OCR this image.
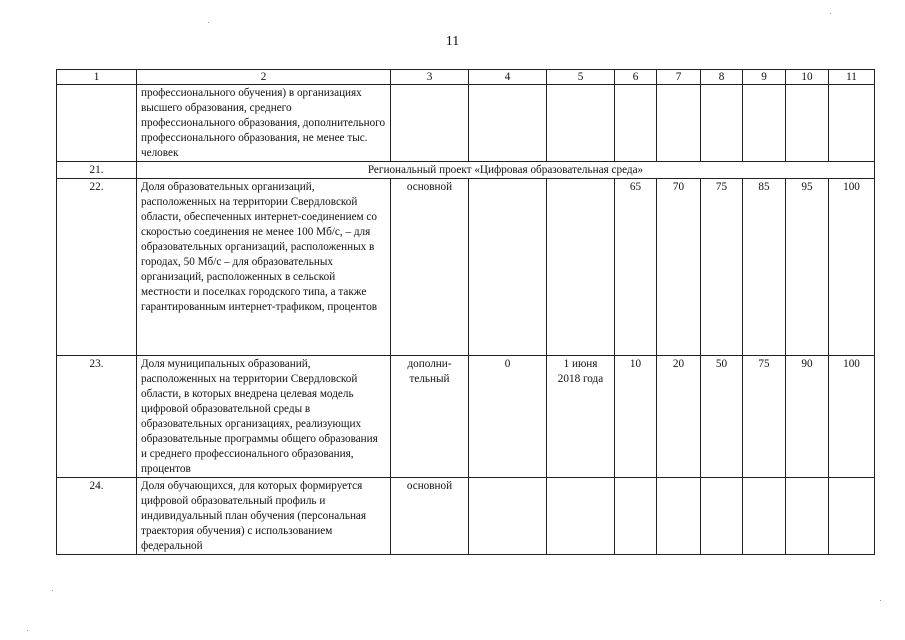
11
1	2	3	4	5	6	7	8	9	10	11
	профессионального обучения) в организациях высшего образования, среднего профессионального образования, дополнительного профессионального образования, не менее тыс. человек									
21.	Региональный проект «Цифровая образовательная среда»									
22.	Доля образовательных организаций, расположенных на территории Свердловской области, обеспеченных интернет-соединением со скоростью соединения не менее 100 Мб/с, – для образовательных организаций, расположенных в городах, 50 Мб/с – для образовательных организаций, расположенных в сельской местности и поселках городского типа, а также гарантированным интернет-трафиком, процентов	основной			65	70	75	85	95	100
23.	Доля муниципальных образований, расположенных на территории Свердловской области, в которых внедрена целевая модель цифровой образовательной среды в образовательных организациях, реализующих образовательные программы общего образования и среднего профессионального образования, процентов	дополни-тельный	0	1 июня 2018 года	10	20	50	75	90	100
24.	Доля обучающихся, для которых формируется цифровой образовательный профиль и индивидуальный план обучения (персональная траектория обучения) с использованием федеральной	основной								
